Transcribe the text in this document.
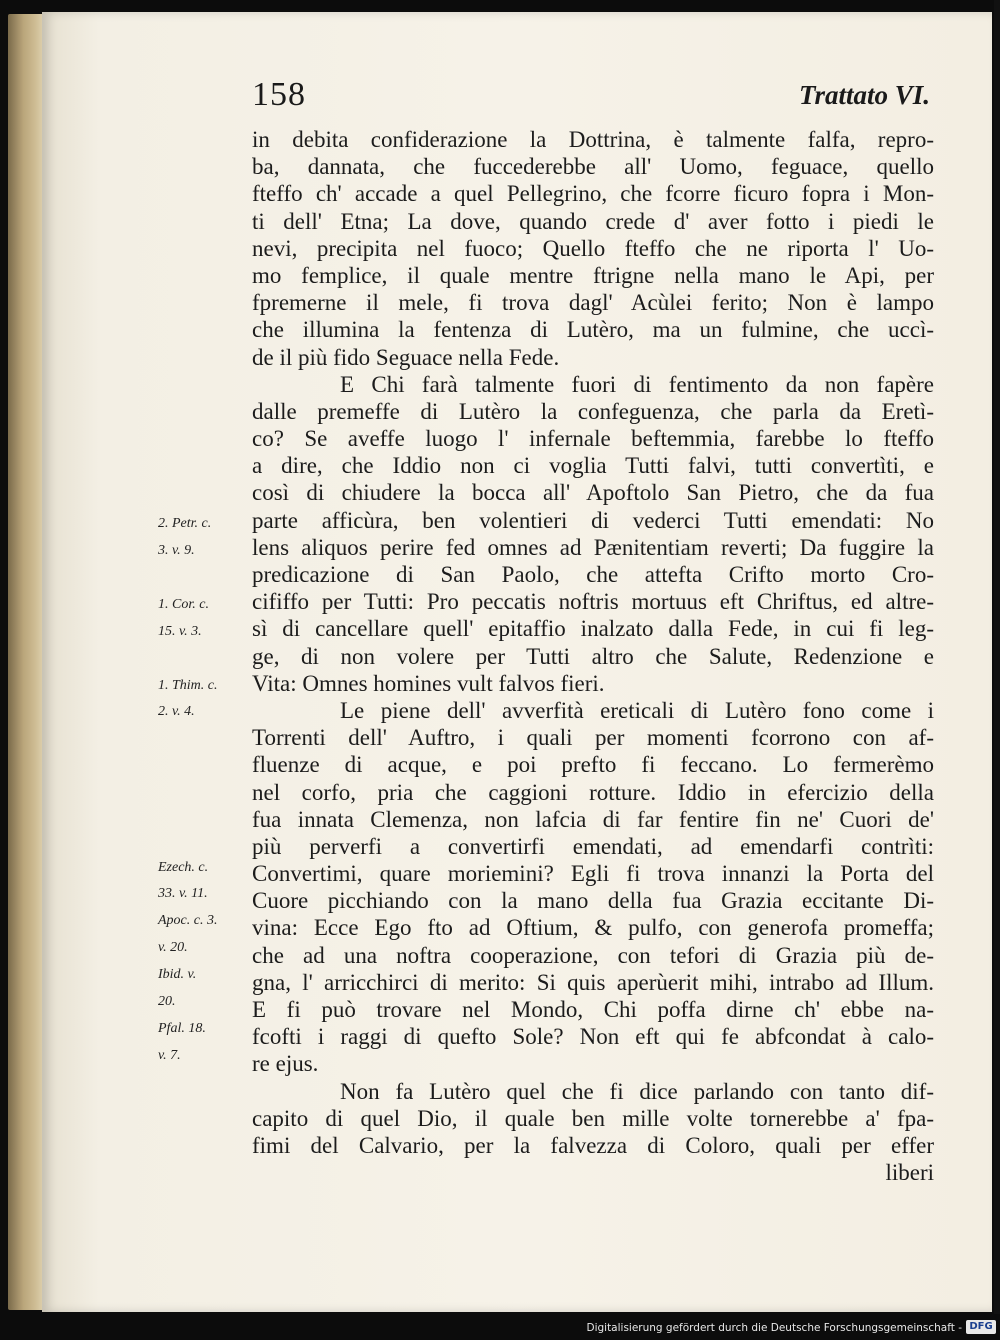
158	Trattato VI.
in debita confiderazione la Dottrina, è talmente falfa, repro-
ba, dannata, che fuccederebbe all' Uomo, feguace, quello
fteffo ch' accade a quel Pellegrino, che fcorre ficuro fopra i Mon-
ti dell' Etna; La dove, quando crede d' aver fotto i piedi le
nevi, precipita nel fuoco; Quello fteffo che ne riporta l' Uo-
mo femplice, il quale mentre ftrigne nella mano le Api, per
fpremerne il mele, fi trova dagl' Acùlei ferito; Non è lampo
che illumina la fentenza di Lutèro, ma un fulmine, che uccì-
de il più fido Seguace nella Fede.
E Chi farà talmente fuori di fentimento da non fapère
dalle premeffe di Lutèro la confeguenza, che parla da Eretì-
co? Se aveffe luogo l' infernale beftemmia, farebbe lo fteffo
a dire, che Iddio non ci voglia Tutti falvi, tutti convertìti, e
così di chiudere la bocca all' Apoftolo San Pietro, che da fua
parte afficùra, ben volentieri di vederci Tutti emendati: No
lens aliquos perire fed omnes ad Pænitentiam reverti; Da fuggire la
predicazione di San Paolo, che attefta Crifto morto Cro-
cififfo per Tutti: Pro peccatis noftris mortuus eft Chriftus, ed altre-
sì di cancellare quell' epitaffio inalzato dalla Fede, in cui fi leg-
ge, di non volere per Tutti altro che Salute, Redenzione e
Vita: Omnes homines vult falvos fieri.
Le piene dell' avverfità ereticali di Lutèro fono come i
Torrenti dell' Auftro, i quali per momenti fcorrono con af-
fluenze di acque, e poi prefto fi feccano. Lo fermerèmo
nel corfo, pria che caggioni rotture. Iddio in efercizio della
fua innata Clemenza, non lafcia di far fentire fin ne' Cuori de'
più perverfi a convertirfi emendati, ad emendarfi contrìti:
Convertimi, quare moriemini? Egli fi trova innanzi la Porta del
Cuore picchiando con la mano della fua Grazia eccitante Di-
vina: Ecce Ego fto ad Oftium, & pulfo, con generofa promeffa;
che ad una noftra cooperazione, con tefori di Grazia più de-
gna, l' arricchirci di merito: Si quis aperùerit mihi, intrabo ad Illum.
E fi può trovare nel Mondo, Chi poffa dirne ch' ebbe na-
fcofti i raggi di quefto Sole? Non eft qui fe abfcondat à calo-
re ejus.
Non fa Lutèro quel che fi dice parlando con tanto dif-
capito di quel Dio, il quale ben mille volte tornerebbe a' fpa-
fimi del Calvario, per la falvezza di Coloro, quali per effer
liberi
2. Petr. c.
3. v. 9.
1. Cor. c.
15. v. 3.
1. Thim. c.
2. v. 4.
Ezech. c.
33. v. 11.
Apoc. c. 3.
v. 20.
Ibid. v.
20.
Pfal. 18.
v. 7.
Digitalisierung gefördert durch die Deutsche Forschungsgemeinschaft - DFG
